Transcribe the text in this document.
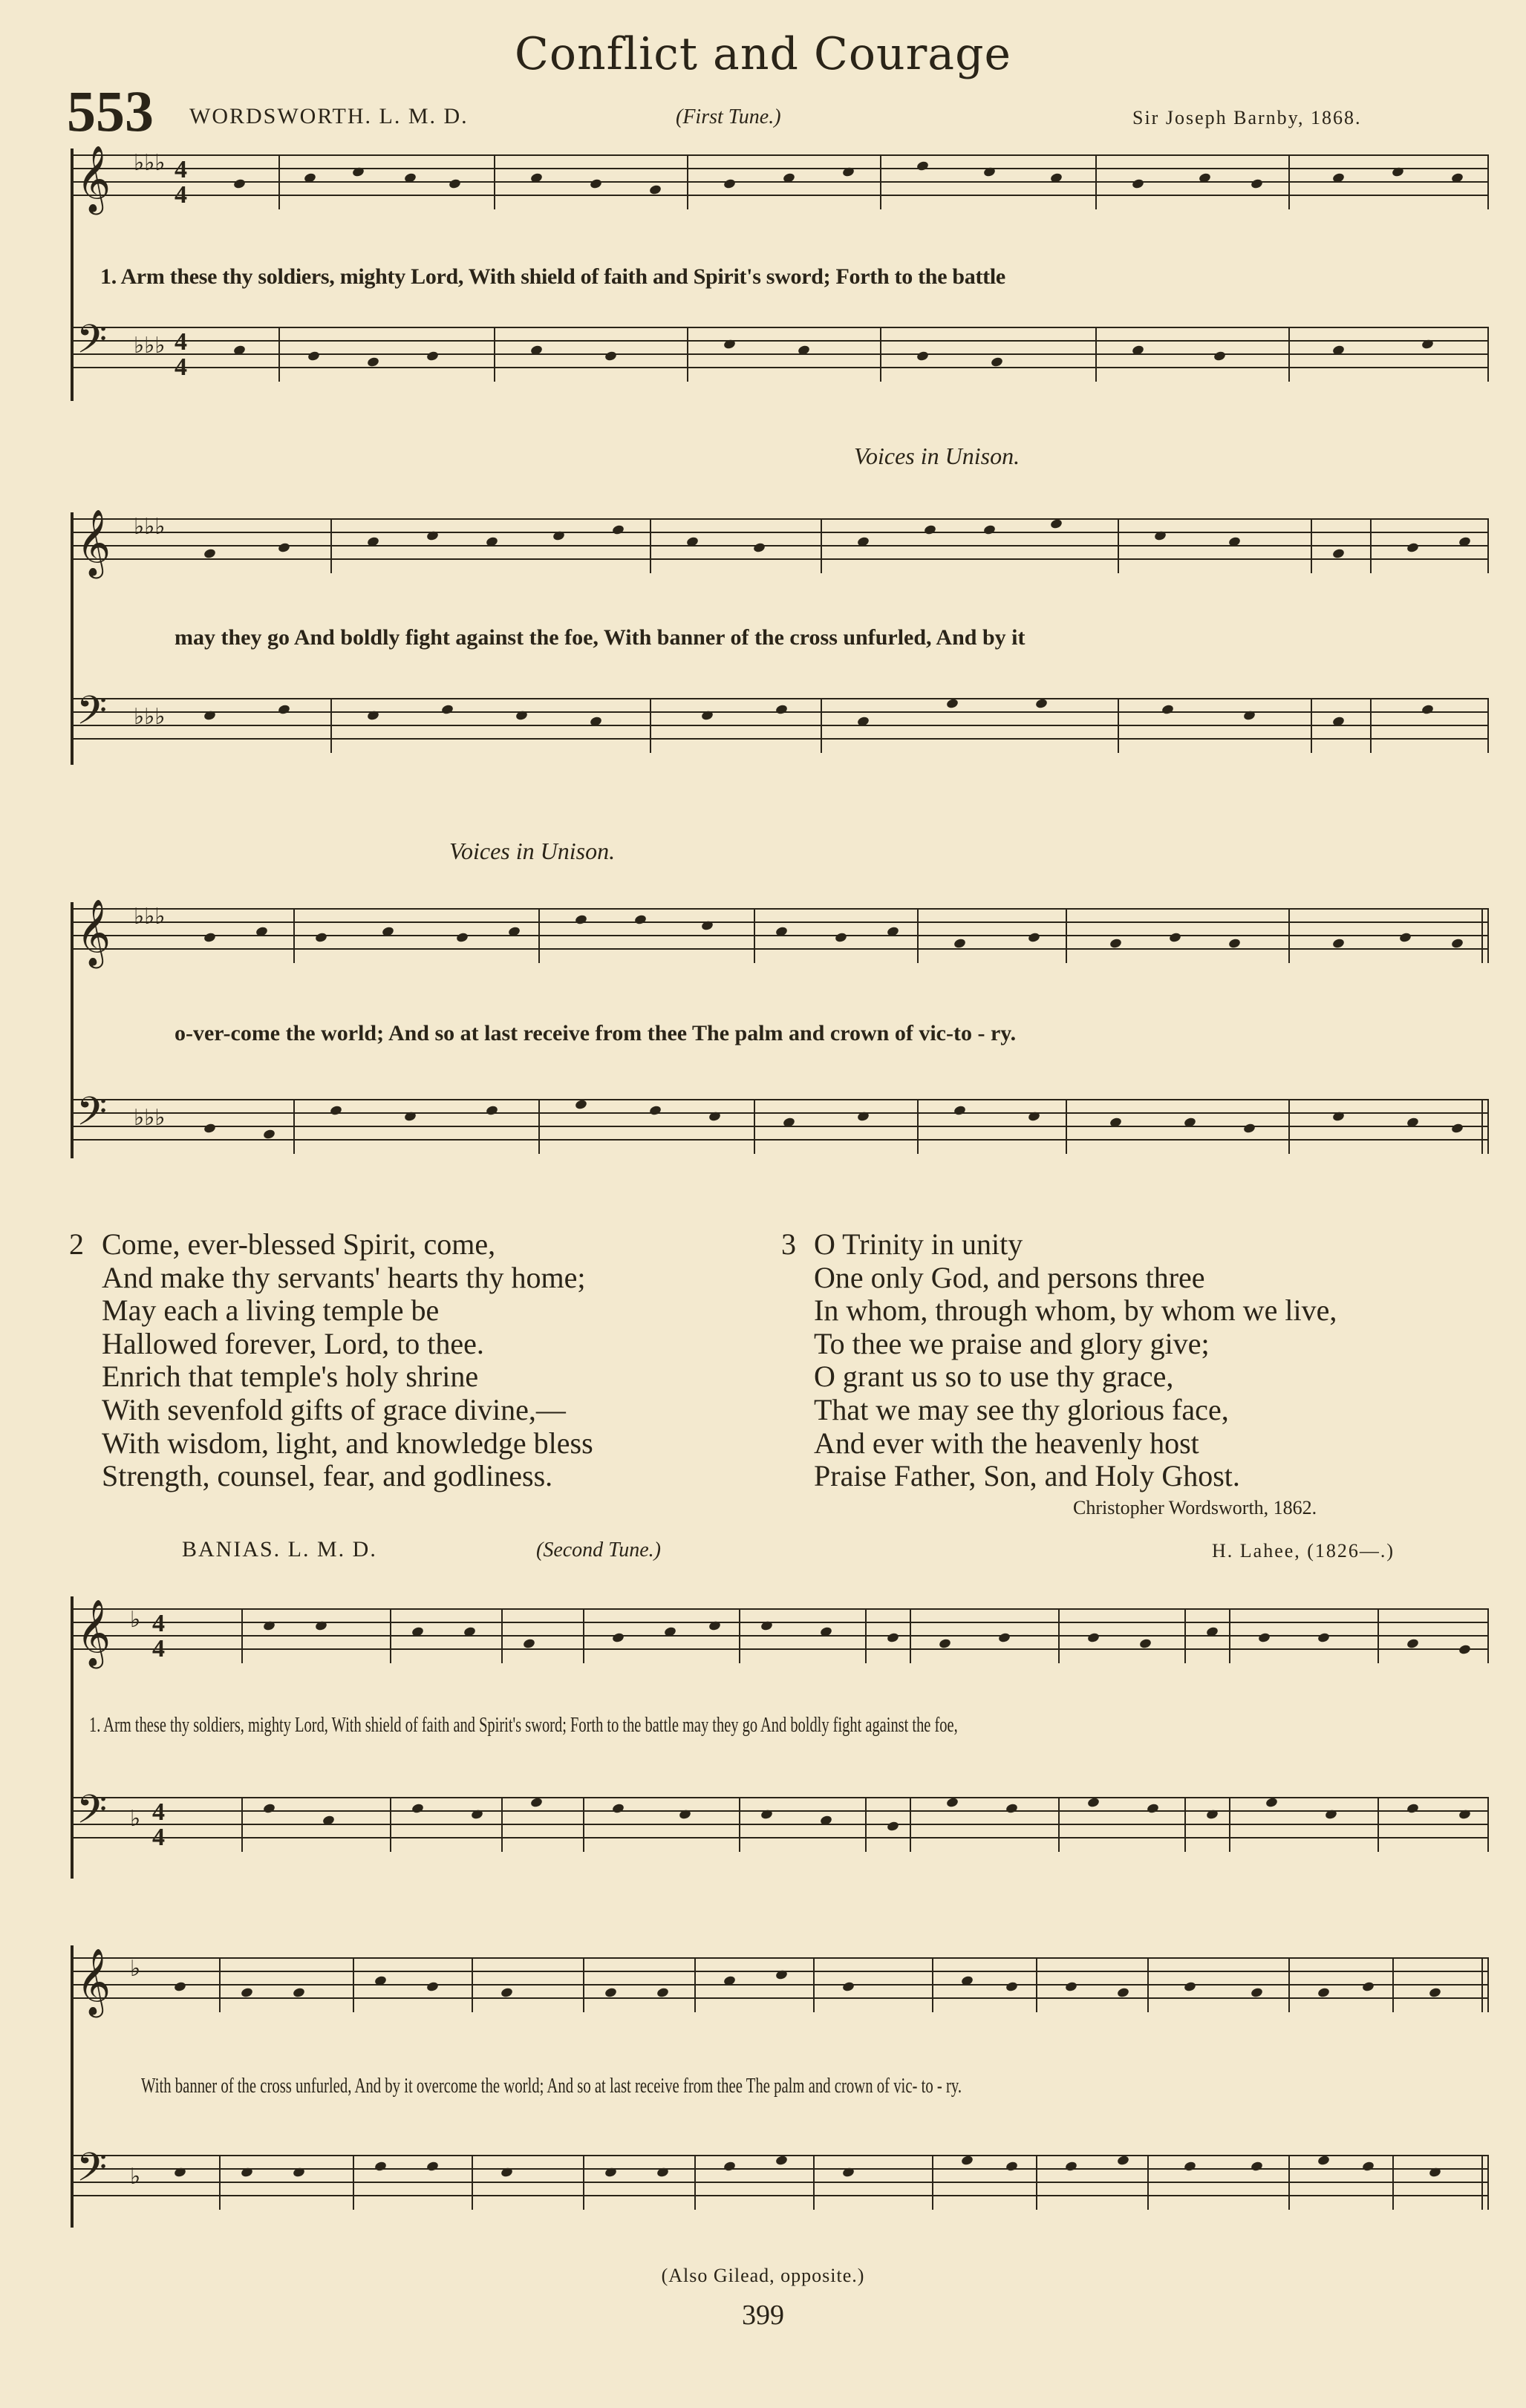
Conflict and Courage
553 WORDSWORTH. L. M. D.	(First Tune.)	Sir Joseph Barnby, 1868.
𝄞 ♭♭♭ 4
4
1. Arm these thy soldiers, mighty Lord, With shield of faith and Spirit's sword; Forth to the battle
𝄢 ♭♭♭ 4
4
Voices in Unison.
𝄞 ♭♭♭
may they go And boldly fight against the foe, With banner of the cross unfurled, And by it
𝄢 ♭♭♭
Voices in Unison.
𝄞 ♭♭♭
o-ver-come the world; And so at last receive from thee The palm and crown of vic-to - ry.
𝄢 ♭♭♭
2 Come, ever-blessed Spirit, come,
And make thy servants' hearts thy home;
May each a living temple be
Hallowed forever, Lord, to thee.
Enrich that temple's holy shrine
With sevenfold gifts of grace divine,—
With wisdom, light, and knowledge bless
Strength, counsel, fear, and godliness.
3 O Trinity in unity
One only God, and persons three
In whom, through whom, by whom we live,
To thee we praise and glory give;
O grant us so to use thy grace,
That we may see thy glorious face,
And ever with the heavenly host
Praise Father, Son, and Holy Ghost.
Christopher Wordsworth, 1862.
BANIAS. L. M. D.	(Second Tune.)	H. Lahee, (1826—.)
𝄞 ♭ 4
4
1. Arm these thy soldiers, mighty Lord, With shield of faith and Spirit's sword; Forth to the battle may they go And boldly fight against the foe,
𝄢 ♭ 4
4
𝄞 ♭
With banner of the cross unfurled, And by it overcome the world; And so at last receive from thee The palm and crown of vic- to - ry.
𝄢 ♭
(Also Gilead, opposite.)
399
